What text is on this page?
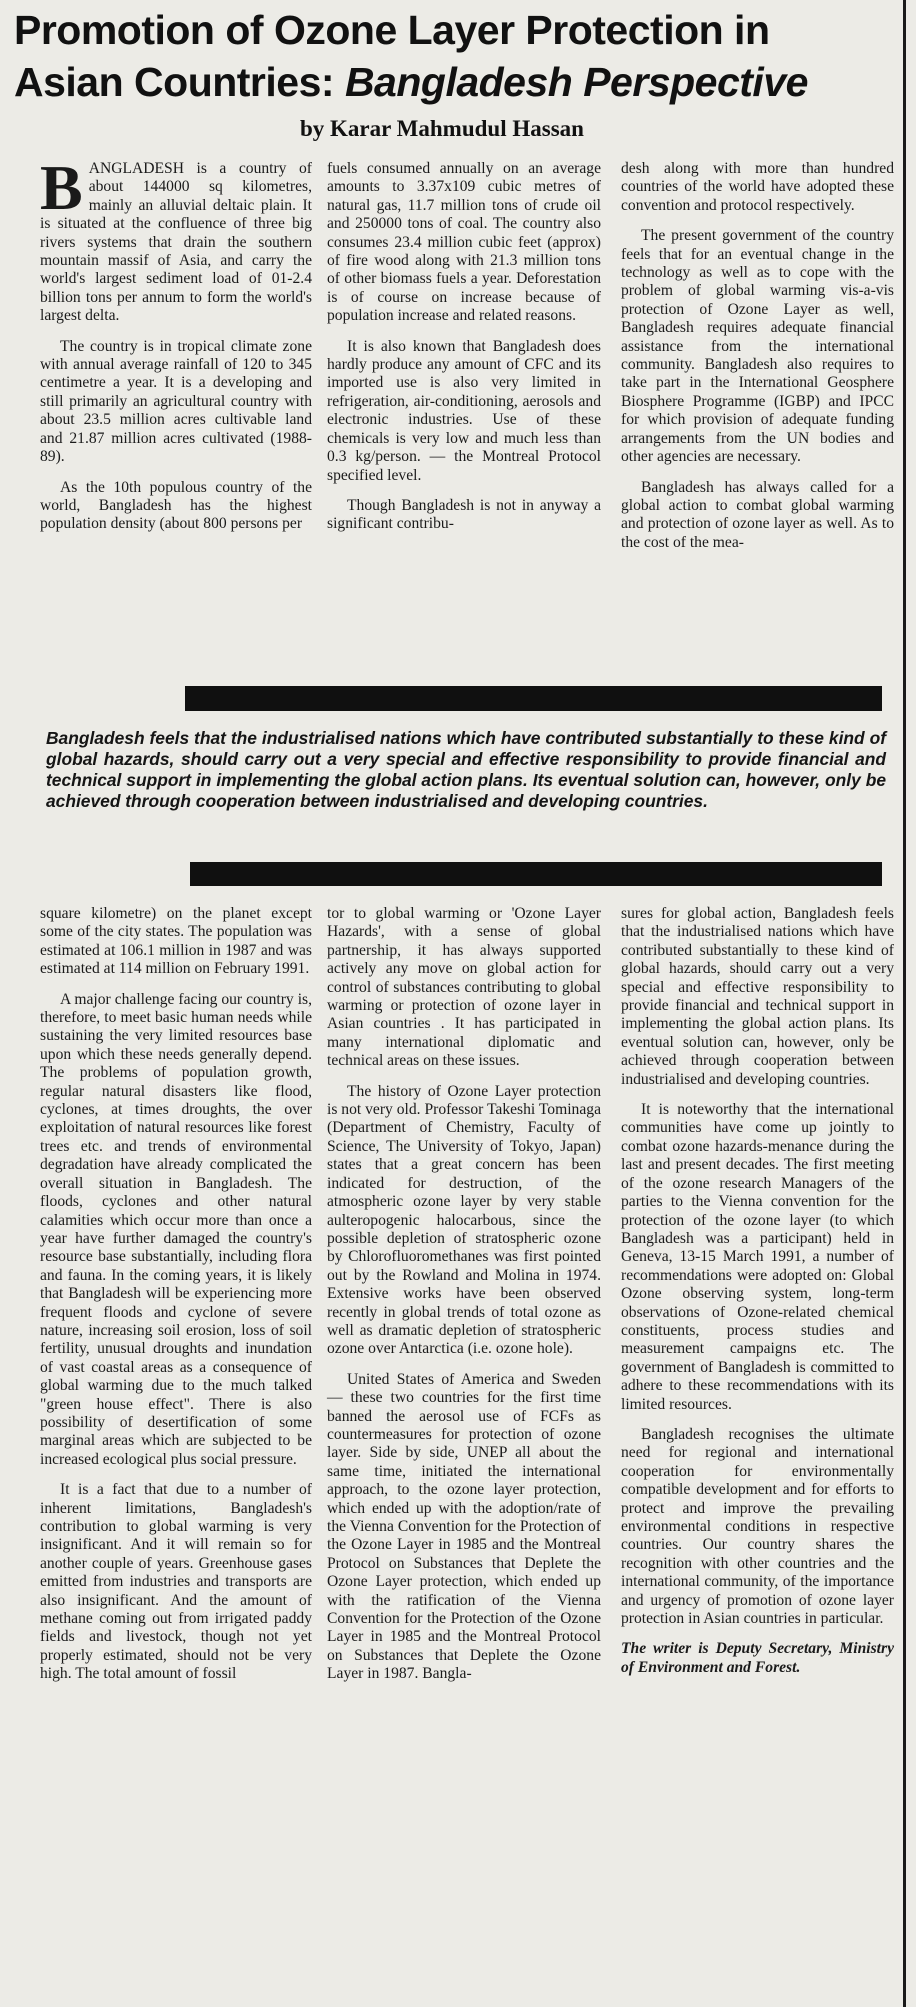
Promotion of Ozone Layer Protection in
Asian Countries: Bangladesh Perspective
by Karar Mahmudul Hassan

BANGLADESH is a country of about 144000 sq kilometres, mainly an alluvial deltaic plain. It is situated at the confluence of three big rivers systems that drain the southern mountain massif of Asia, and carry the world's largest sediment load of 01-2.4 billion tons per annum to form the world's largest delta.

The country is in tropical climate zone with annual average rainfall of 120 to 345 centimetre a year. It is a developing and still primarily an agricultural country with about 23.5 million acres cultivable land and 21.87 million acres cultivated (1988-89).

As the 10th populous country of the world, Bangladesh has the highest population density (about 800 persons per

fuels consumed annually on an average amounts to 3.37x109 cubic metres of natural gas, 11.7 million tons of crude oil and 250000 tons of coal. The country also consumes 23.4 million cubic feet (approx) of fire wood along with 21.3 million tons of other biomass fuels a year. Deforestation is of course on increase because of population increase and related reasons.

It is also known that Bangladesh does hardly produce any amount of CFC and its imported use is also very limited in refrigeration, air-conditioning, aerosols and electronic industries. Use of these chemicals is very low and much less than 0.3 kg/person. — the Montreal Protocol specified level.

Though Bangladesh is not in anyway a significant contribu-

desh along with more than hundred countries of the world have adopted these convention and protocol respectively.

The present government of the country feels that for an eventual change in the technology as well as to cope with the problem of global warming vis-a-vis protection of Ozone Layer as well, Bangladesh requires adequate financial assistance from the international community. Bangladesh also requires to take part in the International Geosphere Biosphere Programme (IGBP) and IPCC for which provision of adequate funding arrangements from the UN bodies and other agencies are necessary.

Bangladesh has always called for a global action to combat global warming and protection of ozone layer as well. As to the cost of the mea-

Bangladesh feels that the industrialised nations which have contributed substantially to these kind of global hazards, should carry out a very special and effective responsibility to provide financial and technical support in implementing the global action plans. Its eventual solution can, however, only be achieved through cooperation between industrialised and developing countries.

square kilometre) on the planet except some of the city states. The population was estimated at 106.1 million in 1987 and was estimated at 114 million on February 1991.

A major challenge facing our country is, therefore, to meet basic human needs while sustaining the very limited resources base upon which these needs generally depend. The problems of population growth, regular natural disasters like flood, cyclones, at times droughts, the over exploitation of natural resources like forest trees etc. and trends of environmental degradation have already complicated the overall situation in Bangladesh. The floods, cyclones and other natural calamities which occur more than once a year have further damaged the country's resource base substantially, including flora and fauna. In the coming years, it is likely that Bangladesh will be experiencing more frequent floods and cyclone of severe nature, increasing soil erosion, loss of soil fertility, unusual droughts and inundation of vast coastal areas as a consequence of global warming due to the much talked "green house effect". There is also possibility of desertification of some marginal areas which are subjected to be increased ecological plus social pressure.

It is a fact that due to a number of inherent limitations, Bangladesh's contribution to global warming is very insignificant. And it will remain so for another couple of years. Greenhouse gases emitted from industries and transports are also insignificant. And the amount of methane coming out from irrigated paddy fields and livestock, though not yet properly estimated, should not be very high. The total amount of fossil

tor to global warming or 'Ozone Layer Hazards', with a sense of global partnership, it has always supported actively any move on global action for control of substances contributing to global warming or protection of ozone layer in Asian countries . It has participated in many international diplomatic and technical areas on these issues.

The history of Ozone Layer protection is not very old. Professor Takeshi Tominaga (Department of Chemistry, Faculty of Science, The University of Tokyo, Japan) states that a great concern has been indicated for destruction, of the atmospheric ozone layer by very stable aulteropogenic halocarbous, since the possible depletion of stratospheric ozone by Chlorofluoromethanes was first pointed out by the Rowland and Molina in 1974. Extensive works have been observed recently in global trends of total ozone as well as dramatic depletion of stratospheric ozone over Antarctica (i.e. ozone hole).

United States of America and Sweden — these two countries for the first time banned the aerosol use of FCFs as countermeasures for protection of ozone layer. Side by side, UNEP all about the same time, initiated the international approach, to the ozone layer protection, which ended up with the adoption/rate of the Vienna Convention for the Protection of the Ozone Layer in 1985 and the Montreal Protocol on Substances that Deplete the Ozone Layer protection, which ended up with the ratification of the Vienna Convention for the Protection of the Ozone Layer in 1985 and the Montreal Protocol on Substances that Deplete the Ozone Layer in 1987. Bangla-

sures for global action, Bangladesh feels that the industrialised nations which have contributed substantially to these kind of global hazards, should carry out a very special and effective responsibility to provide financial and technical support in implementing the global action plans. Its eventual solution can, however, only be achieved through cooperation between industrialised and developing countries.

It is noteworthy that the international communities have come up jointly to combat ozone hazards-menance during the last and present decades. The first meeting of the ozone research Managers of the parties to the Vienna convention for the protection of the ozone layer (to which Bangladesh was a participant) held in Geneva, 13-15 March 1991, a number of recommendations were adopted on: Global Ozone observing system, long-term observations of Ozone-related chemical constituents, process studies and measurement campaigns etc. The government of Bangladesh is committed to adhere to these recommendations with its limited resources.

Bangladesh recognises the ultimate need for regional and international cooperation for environmentally compatible development and for efforts to protect and improve the prevailing environmental conditions in respective countries. Our country shares the recognition with other countries and the international community, of the importance and urgency of promotion of ozone layer protection in Asian countries in particular.

The writer is Deputy Secretary, Ministry of Environment and Forest.
